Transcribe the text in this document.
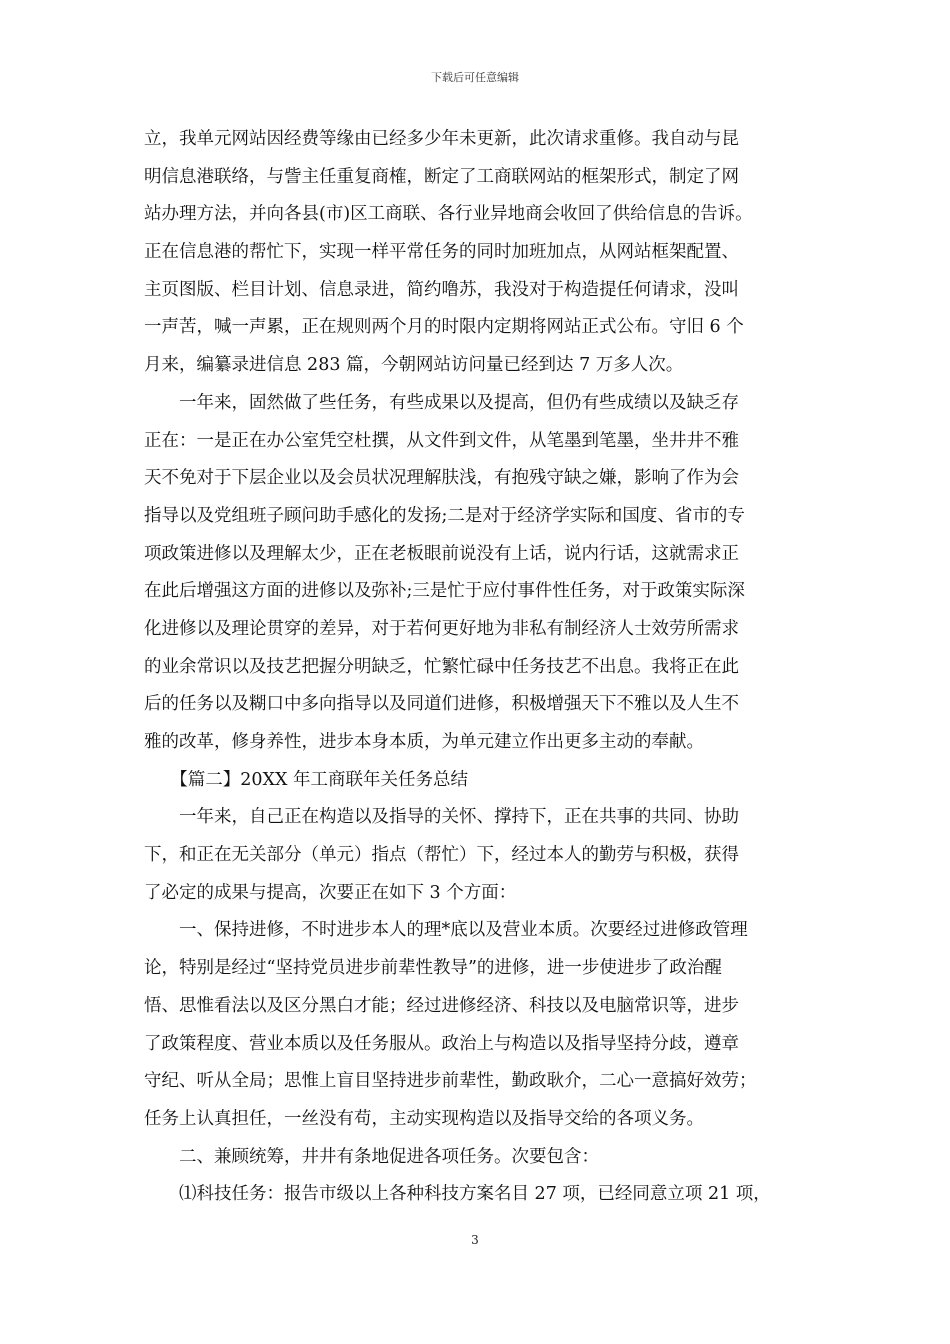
下载后可任意编辑
立，我单元网站因经费等缘由已经多少年未更新，此次请求重修。我自动与昆
明信息港联络，与訾主任重复商榷，断定了工商联网站的框架形式，制定了网
站办理方法，并向各县(市)区工商联、各行业异地商会收回了供给信息的告诉。
正在信息港的帮忙下，实现一样平常任务的同时加班加点，从网站框架配置、
主页图版、栏目计划、信息录进，简约噜苏，我没对于构造提任何请求，没叫
一声苦，喊一声累，正在规则两个月的时限内定期将网站正式公布。守旧 6 个
月来，编纂录进信息 283 篇，今朝网站访问量已经到达 7 万多人次。
　　一年来，固然做了些任务，有些成果以及提高，但仍有些成绩以及缺乏存
正在：一是正在办公室凭空杜撰，从文件到文件，从笔墨到笔墨，坐井井不雅
天不免对于下层企业以及会员状况理解肤浅，有抱残守缺之嫌，影响了作为会
指导以及党组班子顾问助手感化的发扬;二是对于经济学实际和国度、省市的专
项政策进修以及理解太少，正在老板眼前说没有上话，说内行话，这就需求正
在此后增强这方面的进修以及弥补;三是忙于应付事件性任务，对于政策实际深
化进修以及理论贯穿的差异，对于若何更好地为非私有制经济人士效劳所需求
的业余常识以及技艺把握分明缺乏，忙繁忙碌中任务技艺不出息。我将正在此
后的任务以及糊口中多向指导以及同道们进修，积极增强天下不雅以及人生不
雅的改革，修身养性，进步本身本质，为单元建立作出更多主动的奉献。
　　【篇二】20XX 年工商联年关任务总结
　　一年来，自己正在构造以及指导的关怀、撑持下，正在共事的共同、协助
下，和正在无关部分（单元）指点（帮忙）下，经过本人的勤劳与积极，获得
了必定的成果与提高，次要正在如下 3 个方面：
　　一、保持进修，不时进步本人的理*底以及营业本质。次要经过进修政管理
论，特别是经过“坚持党员进步前辈性教导”的进修，进一步使进步了政治醒
悟、思惟看法以及区分黑白才能；经过进修经济、科技以及电脑常识等，进步
了政策程度、营业本质以及任务服从。政治上与构造以及指导坚持分歧，遵章
守纪、听从全局；思惟上盲目坚持进步前辈性，勤政耿介，二心一意搞好效劳；
任务上认真担任，一丝没有苟，主动实现构造以及指导交给的各项义务。
　　二、兼顾统筹，井井有条地促进各项任务。次要包含：
　　⑴科技任务：报告市级以上各种科技方案名目 27 项，已经同意立项 21 项，
3
